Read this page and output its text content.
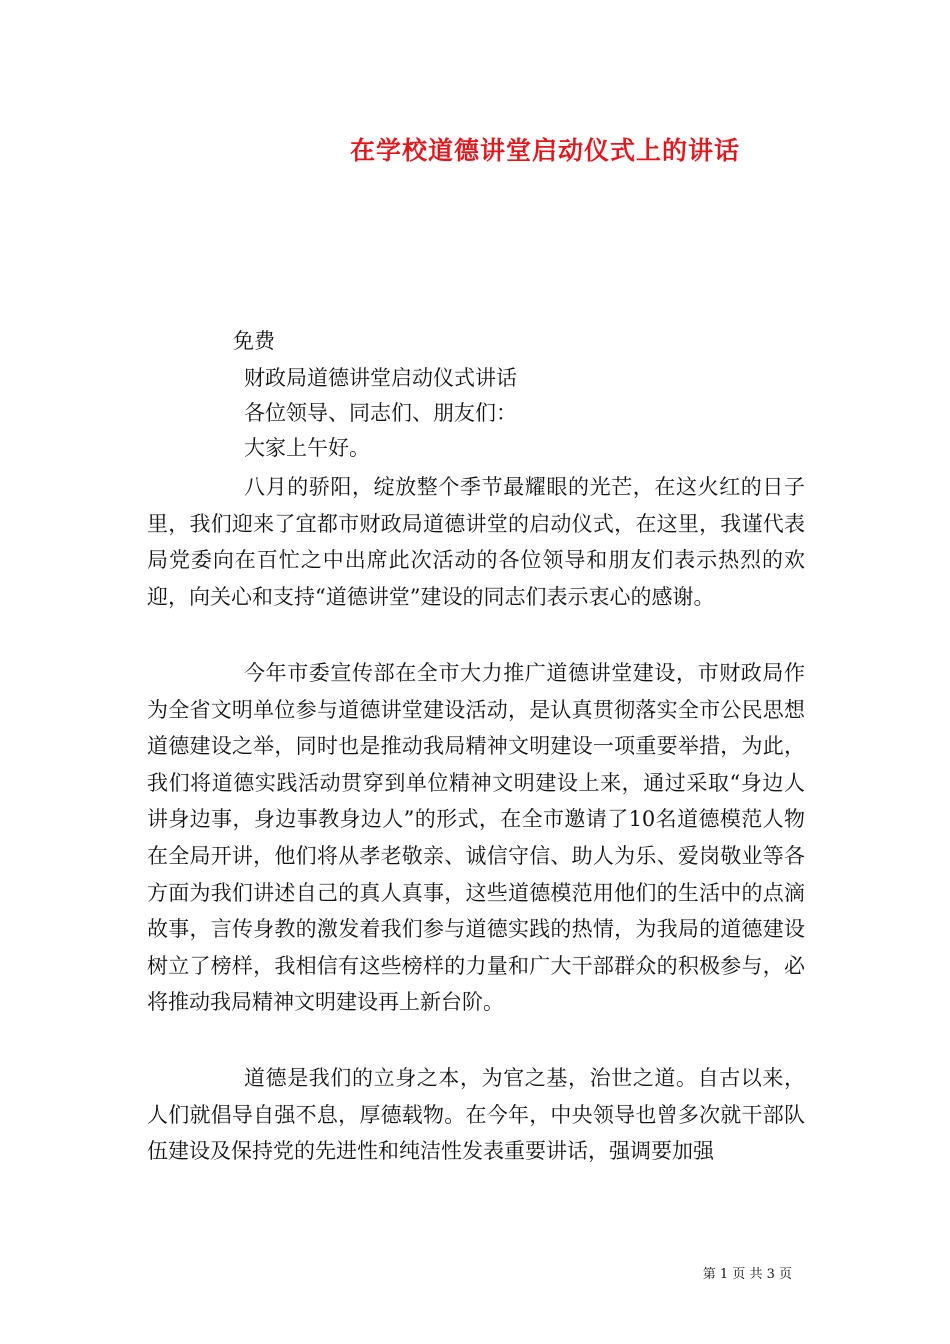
在学校道德讲堂启动仪式上的讲话
免费
财政局道德讲堂启动仪式讲话
各位领导、同志们、朋友们：
大家上午好。

八月的骄阳，绽放整个季节最耀眼的光芒，在这火红的日子里，我们迎来了宜都市财政局道德讲堂的启动仪式，在这里，我谨代表局党委向在百忙之中出席此次活动的各位领导和朋友们表示热烈的欢迎，向关心和支持“道德讲堂”建设的同志们表示衷心的感谢。

今年市委宣传部在全市大力推广道德讲堂建设，市财政局作为全省文明单位参与道德讲堂建设活动，是认真贯彻落实全市公民思想道德建设之举，同时也是推动我局精神文明建设一项重要举措，为此，我们将道德实践活动贯穿到单位精神文明建设上来，通过采取“身边人讲身边事，身边事教身边人”的形式，在全市邀请了10名道德模范人物在全局开讲，他们将从孝老敬亲、诚信守信、助人为乐、爱岗敬业等各方面为我们讲述自己的真人真事，这些道德模范用他们的生活中的点滴故事，言传身教的激发着我们参与道德实践的热情，为我局的道德建设树立了榜样，我相信有这些榜样的力量和广大干部群众的积极参与，必将推动我局精神文明建设再上新台阶。

道德是我们的立身之本，为官之基，治世之道。自古以来，人们就倡导自强不息，厚德载物。在今年，中央领导也曾多次就干部队伍建设及保持党的先进性和纯洁性发表重要讲话，强调要加强

第 1 页 共 3 页
